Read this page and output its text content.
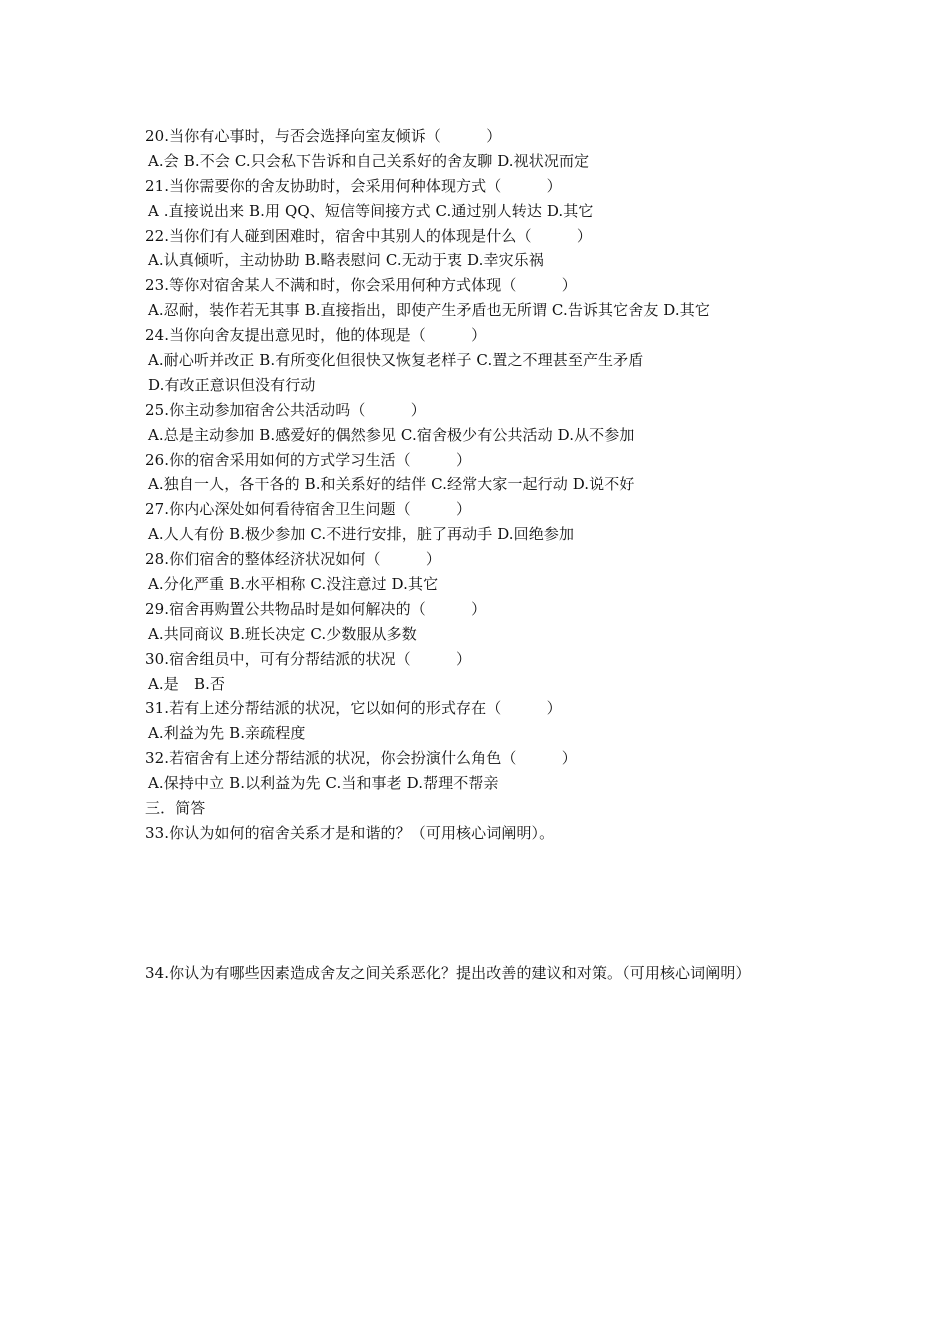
20.当你有心事时，与否会选择向室友倾诉（　　　）
A.会 B.不会 C.只会私下告诉和自己关系好的舍友聊 D.视状况而定
21.当你需要你的舍友协助时，会采用何种体现方式（　　　）
A .直接说出来 B.用 QQ、短信等间接方式 C.通过别人转达 D.其它
22.当你们有人碰到困难时，宿舍中其别人的体现是什么（　　　）
A.认真倾听，主动协助 B.略表慰问 C.无动于衷 D.幸灾乐祸
23.等你对宿舍某人不满和时，你会采用何种方式体现（　　　）
A.忍耐，装作若无其事 B.直接指出，即使产生矛盾也无所谓 C.告诉其它舍友 D.其它
24.当你向舍友提出意见时，他的体现是（　　　）
A.耐心听并改正 B.有所变化但很快又恢复老样子 C.置之不理甚至产生矛盾
D.有改正意识但没有行动
25.你主动参加宿舍公共活动吗（　　　）
A.总是主动参加 B.感爱好的偶然参见 C.宿舍极少有公共活动 D.从不参加
26.你的宿舍采用如何的方式学习生活（　　　）
A.独自一人，各干各的 B.和关系好的结伴 C.经常大家一起行动 D.说不好
27.你内心深处如何看待宿舍卫生问题（　　　）
A.人人有份 B.极少参加 C.不进行安排，脏了再动手 D.回绝参加
28.你们宿舍的整体经济状况如何（　　　）
A.分化严重 B.水平相称 C.没注意过 D.其它
29.宿舍再购置公共物品时是如何解决的（　　　）
A.共同商议 B.班长决定 C.少数服从多数
30.宿舍组员中，可有分帮结派的状况（　　　）
A.是　B.否
31.若有上述分帮结派的状况，它以如何的形式存在（　　　）
A.利益为先 B.亲疏程度
32.若宿舍有上述分帮结派的状况，你会扮演什么角色（　　　）
A.保持中立 B.以利益为先 C.当和事老 D.帮理不帮亲
三．简答
33.你认为如何的宿舍关系才是和谐的？（可用核心词阐明）。
34.你认为有哪些因素造成舍友之间关系恶化？提出改善的建议和对策。（可用核心词阐明）
